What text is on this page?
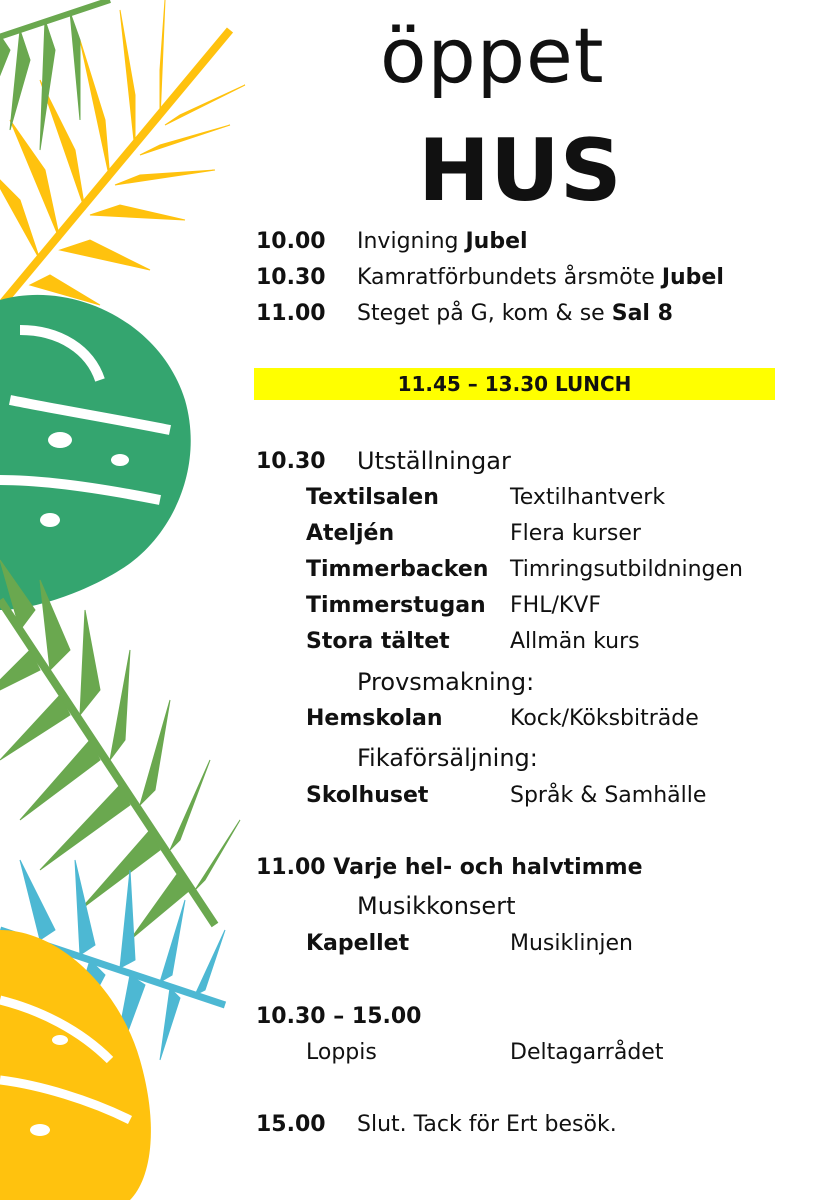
öppet
HUS
10.00 Invigning Jubel
10.30 Kamratförbundets årsmöte Jubel
11.00 Steget på G, kom & se Sal 8
11.45 – 13.30 LUNCH
10.30 Utställningar
Textilsalen	Textilhantverk
Ateljén	Flera kurser
Timmerbacken Timringsutbildningen
Timmerstugan FHL/KVF
Stora tältet	Allmän kurs
Provsmakning:
Hemskolan	Kock/Köksbiträde
Fikaförsäljning:
Skolhuset	Språk & Samhälle
11.00 Varje hel- och halvtimme
Musikkonsert
Kapellet	Musiklinjen
10.30 – 15.00
Loppis	Deltagarrådet
15.00 Slut. Tack för Ert besök.
